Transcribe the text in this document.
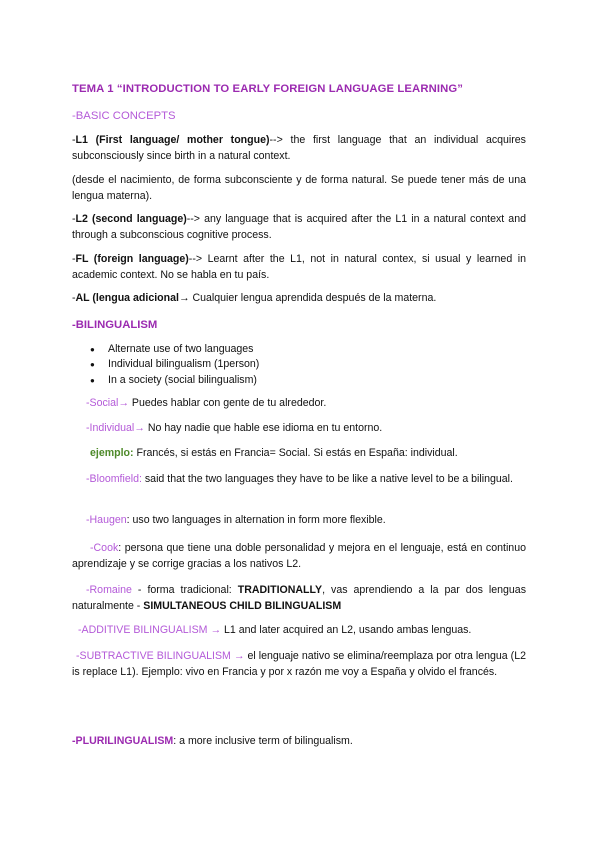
TEMA 1 “INTRODUCTION TO EARLY FOREIGN LANGUAGE LEARNING”

-BASIC CONCEPTS

-L1 (First language/ mother tongue)--> the first language that an individual acquires subconsciously since birth in a natural context.

(desde el nacimiento, de forma subconsciente y de forma natural. Se puede tener más de una lengua materna).

-L2 (second language)--> any language that is acquired after the L1 in a natural context and through a subconscious cognitive process.

-FL (foreign language)--> Learnt after the L1, not in natural contex, si usual y learned in academic context. No se habla en tu país.

-AL (lengua adicional→ Cualquier lengua aprendida después de la materna.

-BILINGUALISM

● Alternate use of two languages
● Individual bilingualism (1person)
● In a society (social bilingualism)

-Social→ Puedes hablar con gente de tu alrededor.

-Individual→ No hay nadie que hable ese idioma en tu entorno.

ejemplo: Francés, si estás en Francia= Social. Si estás en España: individual.

-Bloomfield: said that the two languages they have to be like a native level to be a bilingual.

-Haugen: uso two languages in alternation in form more flexible.

-Cook: persona que tiene una doble personalidad y mejora en el lenguaje, está en continuo aprendizaje y se corrige gracias a los nativos L2.

-Romaine - forma tradicional: TRADITIONALLY, vas aprendiendo a la par dos lenguas naturalmente - SIMULTANEOUS CHILD BILINGUALISM

-ADDITIVE BILINGUALISM → L1 and later acquired an L2, usando ambas lenguas.

-SUBTRACTIVE BILINGUALISM → el lenguaje nativo se elimina/reemplaza por otra lengua (L2 is replace L1). Ejemplo: vivo en Francia y por x razón me voy a España y olvido el francés.

-PLURILINGUALISM: a more inclusive term of bilingualism.
